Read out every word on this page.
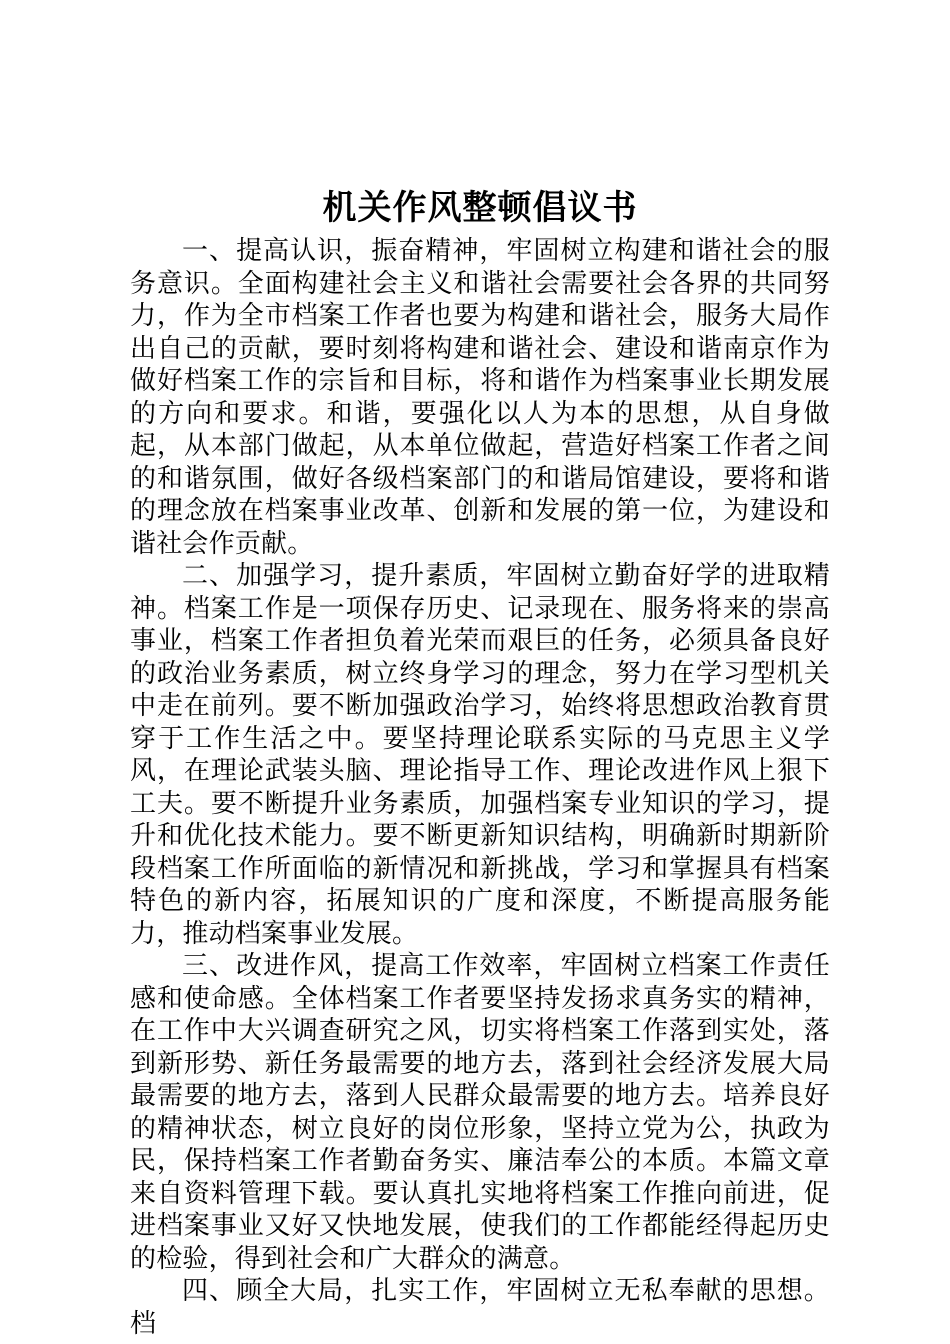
机关作风整顿倡议书

一、提高认识，振奋精神，牢固树立构建和谐社会的服务意识。全面构建社会主义和谐社会需要社会各界的共同努力，作为全市档案工作者也要为构建和谐社会，服务大局作出自己的贡献，要时刻将构建和谐社会、建设和谐南京作为做好档案工作的宗旨和目标，将和谐作为档案事业长期发展的方向和要求。和谐，要强化以人为本的思想，从自身做起，从本部门做起，从本单位做起，营造好档案工作者之间的和谐氛围，做好各级档案部门的和谐局馆建设，要将和谐的理念放在档案事业改革、创新和发展的第一位，为建设和谐社会作贡献。

二、加强学习，提升素质，牢固树立勤奋好学的进取精神。档案工作是一项保存历史、记录现在、服务将来的崇高事业，档案工作者担负着光荣而艰巨的任务，必须具备良好的政治业务素质，树立终身学习的理念，努力在学习型机关中走在前列。要不断加强政治学习，始终将思想政治教育贯穿于工作生活之中。要坚持理论联系实际的马克思主义学风，在理论武装头脑、理论指导工作、理论改进作风上狠下工夫。要不断提升业务素质，加强档案专业知识的学习，提升和优化技术能力。要不断更新知识结构，明确新时期新阶段档案工作所面临的新情况和新挑战，学习和掌握具有档案特色的新内容，拓展知识的广度和深度，不断提高服务能力，推动档案事业发展。

三、改进作风，提高工作效率，牢固树立档案工作责任感和使命感。全体档案工作者要坚持发扬求真务实的精神，在工作中大兴调查研究之风，切实将档案工作落到实处，落到新形势、新任务最需要的地方去，落到社会经济发展大局最需要的地方去，落到人民群众最需要的地方去。培养良好的精神状态，树立良好的岗位形象，坚持立党为公，执政为民，保持档案工作者勤奋务实、廉洁奉公的本质。本篇文章来自资料管理下载。要认真扎实地将档案工作推向前进，促进档案事业又好又快地发展，使我们的工作都能经得起历史的检验，得到社会和广大群众的满意。

四、顾全大局，扎实工作，牢固树立无私奉献的思想。档
